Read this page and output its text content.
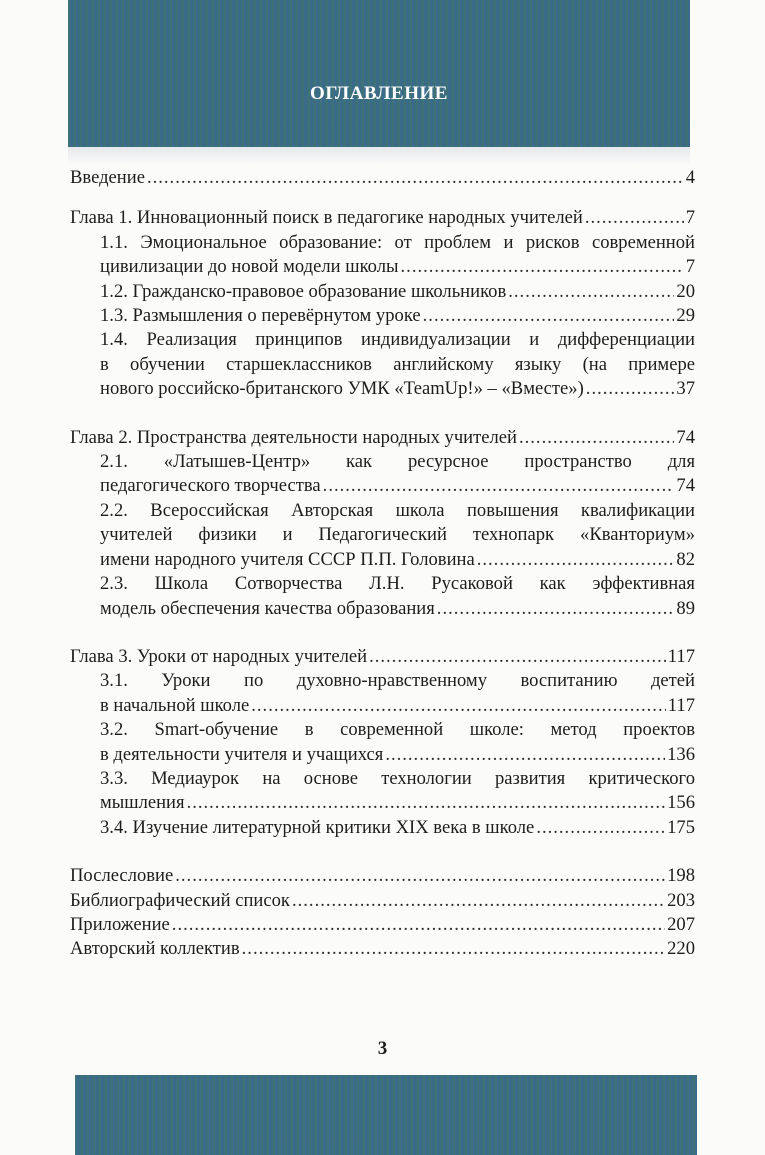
ОГЛАВЛЕНИЕ
Введение .....	4
Глава 1. Инновационный поиск в педагогике народных учителей .....	7
1.1. Эмоциональное образование: от проблем и рисков современной
цивилизации до новой модели школы .....	7
1.2. Гражданско-правовое образование школьников .....	20
1.3. Размышления о перевёрнутом уроке .....	29
1.4. Реализация принципов индивидуализации и дифференциации
в обучении старшеклассников английскому языку (на примере
нового российско-британского УМК «TeamUp!» – «Вместе») .....	37
Глава 2. Пространства деятельности народных учителей .....	74
2.1. «Латышев-Центр» как ресурсное пространство для
педагогического творчества .....	74
2.2. Всероссийская Авторская школа повышения квалификации
учителей физики и Педагогический технопарк «Кванториум»
имени народного учителя СССР П.П. Головина .....	82
2.3. Школа Сотворчества Л.Н. Русаковой как эффективная
модель обеспечения качества образования .....	89
Глава 3. Уроки от народных учителей .....	117
3.1. Уроки по духовно-нравственному воспитанию детей
в начальной школе .....	117
3.2. Smart-обучение в современной школе: метод проектов
в деятельности учителя и учащихся .....	136
3.3. Медиаурок на основе технологии развития критического
мышления .....	156
3.4. Изучение литературной критики XIX века в школе .....	175
Послесловие .....	198
Библиографический список .....	203
Приложение .....	207
Авторский коллектив .....	220
3
